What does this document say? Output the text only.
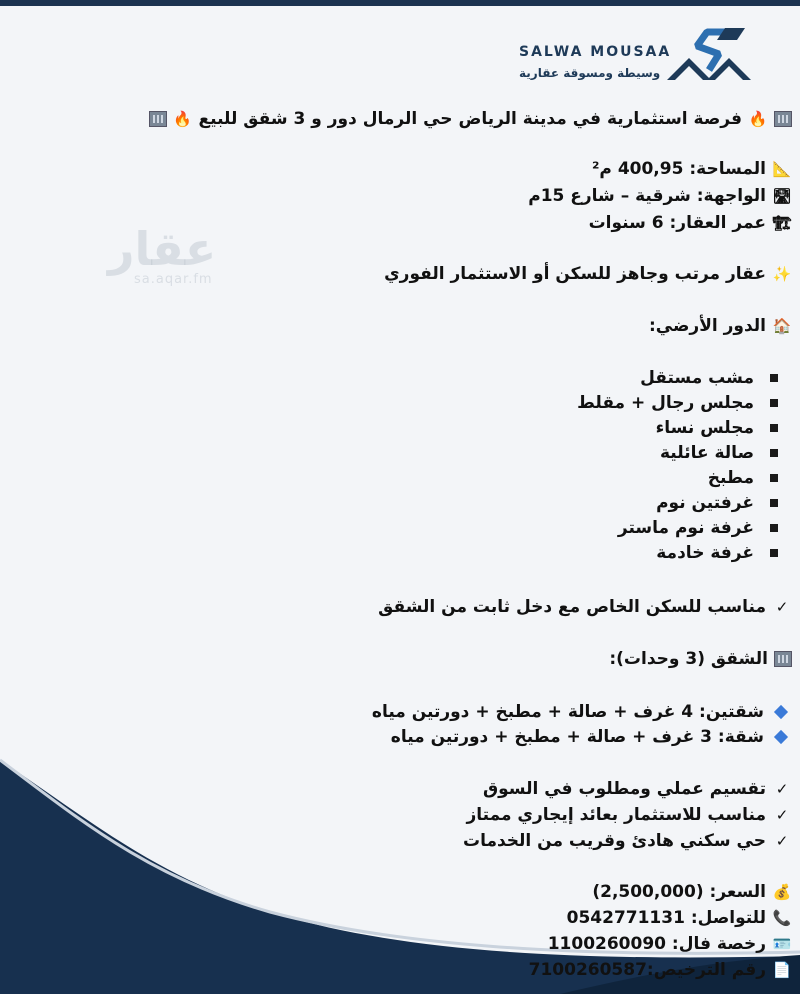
SALWA MOUSAA
وسيطة ومسوقة عقارية
عقار
sa.aqar.fm
🔥
فرصة استثمارية في مدينة الرياض حي الرمال دور و 3 شقق للبيع
🔥
📐
المساحة: 400,95 م²
🛣
الواجهة: شرقية – شارع 15م
🏗
عمر العقار: 6 سنوات
✨
عقار مرتب وجاهز للسكن أو الاستثمار الفوري
🏠
الدور الأرضي:
مشب مستقل
مجلس رجال + مقلط
مجلس نساء
صالة عائلية
مطبخ
غرفتين نوم
غرفة نوم ماستر
غرفة خادمة
✓
مناسب للسكن الخاص مع دخل ثابت من الشقق
الشقق (3 وحدات):
شقتين: 4 غرف + صالة + مطبخ + دورتين مياه
شقة: 3 غرف + صالة + مطبخ + دورتين مياه
✓
تقسيم عملي ومطلوب في السوق
✓
مناسب للاستثمار بعائد إيجاري ممتاز
✓
حي سكني هادئ وقريب من الخدمات
💰
السعر: (2,500,000)
📞
للتواصل: 0542771131
🪪
رخصة فال: 1100260090
📄
رقم الترخيص:7100260587
